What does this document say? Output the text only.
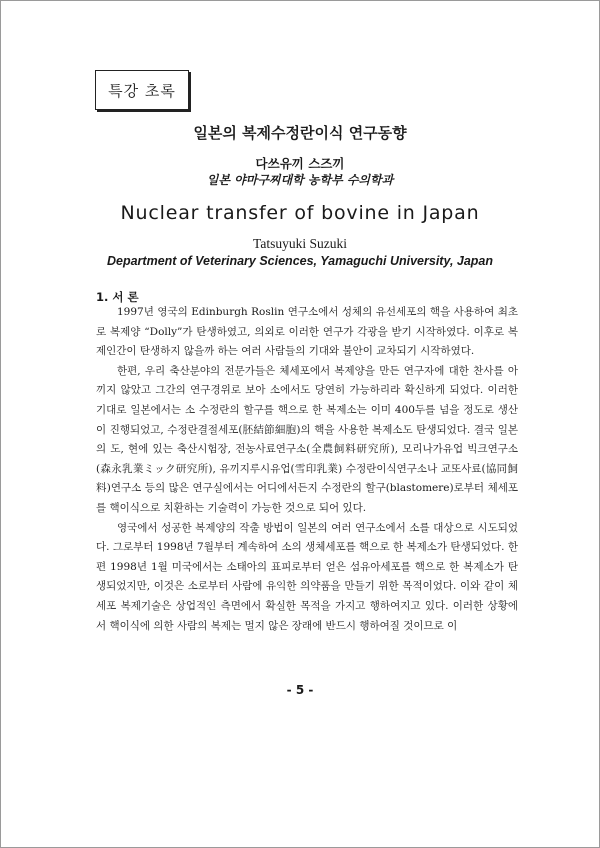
특강 초록
일본의 복제수정란이식 연구동향
다쓰유끼 스즈끼
일본 야마구찌대학 농학부 수의학과
Nuclear transfer of bovine in Japan
Tatsuyuki Suzuki
Department of Veterinary Sciences, Yamaguchi University, Japan
1. 서 론

1997년 영국의 Edinburgh Roslin 연구소에서 성체의 유선세포의 핵을 사용하여 최초로 복제양 “Dolly”가 탄생하였고, 의외로 이러한 연구가 각광을 받기 시작하였다. 이후로 복제인간이 탄생하지 않을까 하는 여러 사람들의 기대와 불안이 교차되기 시작하였다.

한편, 우리 축산분야의 전문가들은 체세포에서 복제양을 만든 연구자에 대한 찬사를 아끼지 않았고 그간의 연구경위로 보아 소에서도 당연히 가능하리라 확신하게 되었다. 이러한 기대로 일본에서는 소 수정란의 할구를 핵으로 한 복제소는 이미 400두를 넘을 정도로 생산이 진행되었고, 수정란결절세포(胚結節細胞)의 핵을 사용한 복제소도 탄생되었다. 결국 일본의 도, 현에 있는 축산시험장, 전농사료연구소(全農飼料研究所), 모리나가유업 빅크연구소(森永乳業ミック研究所), 유끼지루시유업(雪印乳業) 수정란이식연구소나 교또사료(協同飼料)연구소 등의 많은 연구실에서는 어디에서든지 수정란의 할구(blastomere)로부터 체세포를 핵이식으로 치환하는 기술력이 가능한 것으로 되어 있다.

영국에서 성공한 복제양의 작출 방법이 일본의 여러 연구소에서 소를 대상으로 시도되었다. 그로부터 1998년 7월부터 계속하여 소의 생체세포를 핵으로 한 복제소가 탄생되었다. 한편 1998년 1월 미국에서는 소태아의 표피로부터 얻은 섬유아세포를 핵으로 한 복제소가 탄생되었지만, 이것은 소로부터 사람에 유익한 의약품을 만들기 위한 목적이었다. 이와 같이 체세포 복제기술은 상업적인 측면에서 확실한 목적을 가지고 행하여지고 있다. 이러한 상황에서 핵이식에 의한 사람의 복제는 멀지 않은 장래에 반드시 행하여질 것이므로 이

- 5 -
